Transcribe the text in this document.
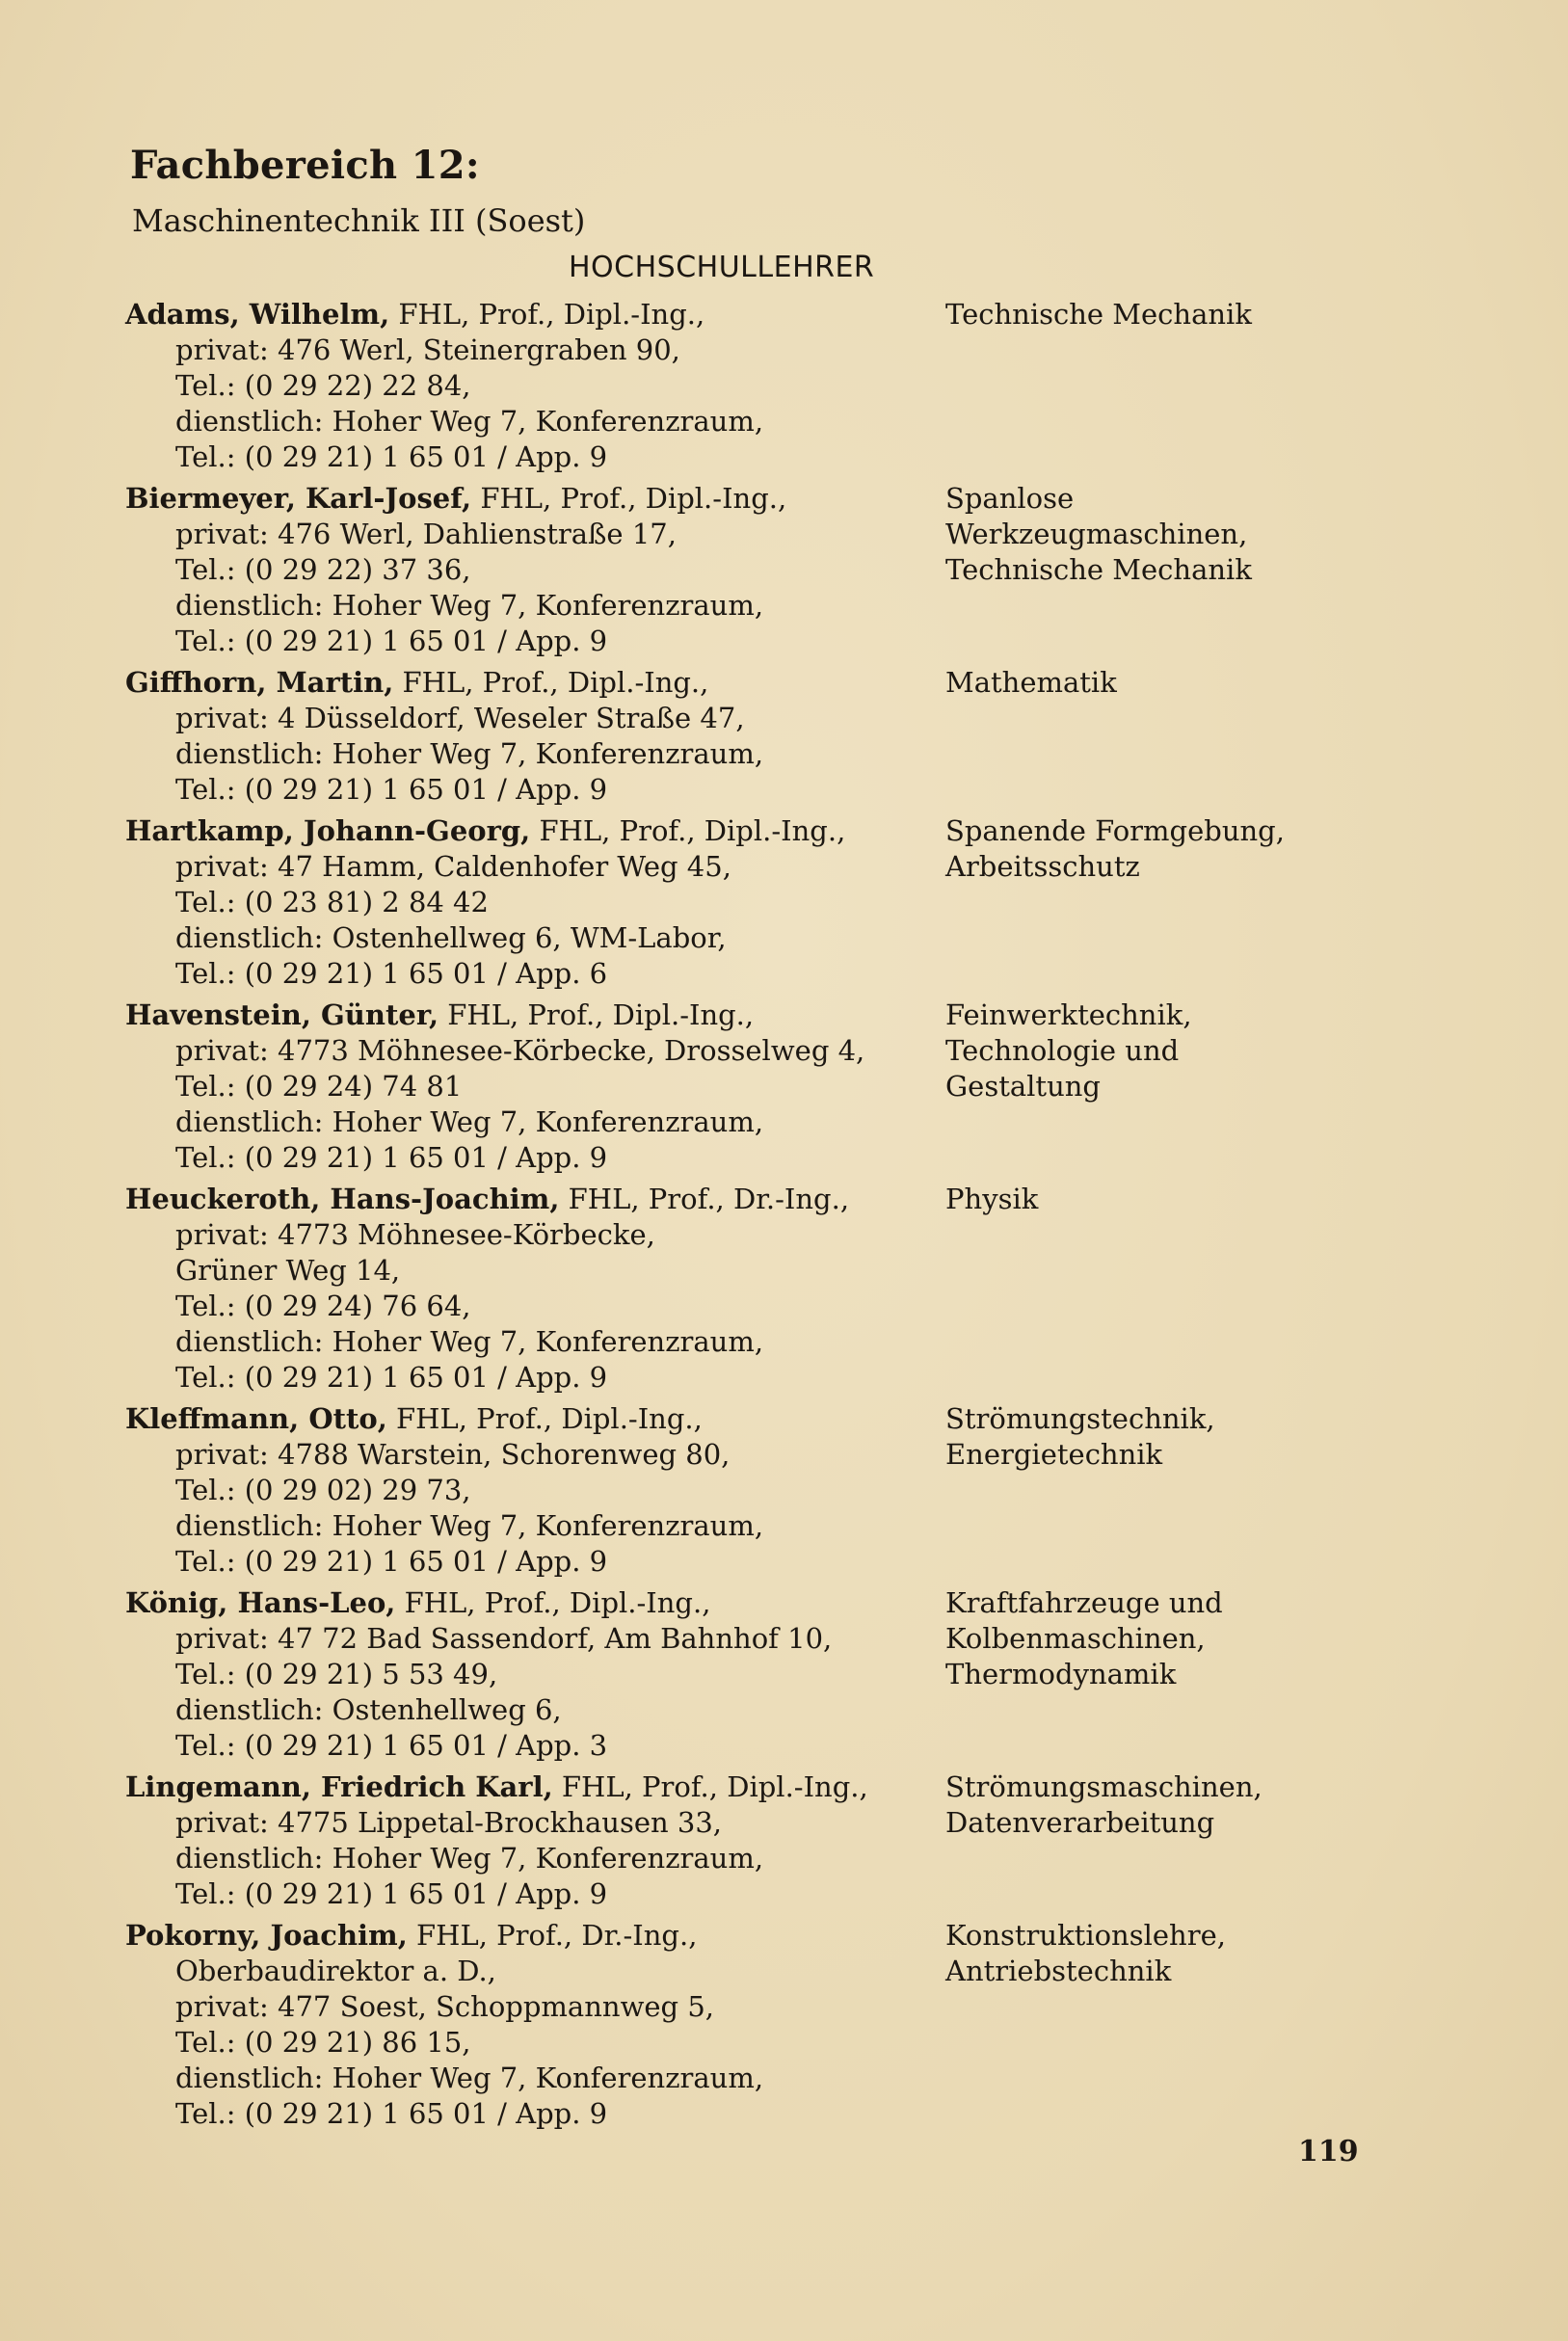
Fachbereich 12:
Maschinentechnik III (Soest)
HOCHSCHULLEHRER
Adams, Wilhelm, FHL, Prof., Dipl.-Ing.,
privat: 476 Werl, Steinergraben 90,
Tel.: (0 29 22) 22 84,
dienstlich: Hoher Weg 7, Konferenzraum,
Tel.: (0 29 21) 1 65 01 / App. 9
Technische Mechanik
Biermeyer, Karl-Josef, FHL, Prof., Dipl.-Ing.,
privat: 476 Werl, Dahlienstraße 17,
Tel.: (0 29 22) 37 36,
dienstlich: Hoher Weg 7, Konferenzraum,
Tel.: (0 29 21) 1 65 01 / App. 9
Spanlose
Werkzeugmaschinen,
Technische Mechanik
Giffhorn, Martin, FHL, Prof., Dipl.-Ing.,
privat: 4 Düsseldorf, Weseler Straße 47,
dienstlich: Hoher Weg 7, Konferenzraum,
Tel.: (0 29 21) 1 65 01 / App. 9
Mathematik
Hartkamp, Johann-Georg, FHL, Prof., Dipl.-Ing.,
privat: 47 Hamm, Caldenhofer Weg 45,
Tel.: (0 23 81) 2 84 42
dienstlich: Ostenhellweg 6, WM-Labor,
Tel.: (0 29 21) 1 65 01 / App. 6
Spanende Formgebung,
Arbeitsschutz
Havenstein, Günter, FHL, Prof., Dipl.-Ing.,
privat: 4773 Möhnesee-Körbecke, Drosselweg 4,
Tel.: (0 29 24) 74 81
dienstlich: Hoher Weg 7, Konferenzraum,
Tel.: (0 29 21) 1 65 01 / App. 9
Feinwerktechnik,
Technologie und
Gestaltung
Heuckeroth, Hans-Joachim, FHL, Prof., Dr.-Ing.,
privat: 4773 Möhnesee-Körbecke,
Grüner Weg 14,
Tel.: (0 29 24) 76 64,
dienstlich: Hoher Weg 7, Konferenzraum,
Tel.: (0 29 21) 1 65 01 / App. 9
Physik
Kleffmann, Otto, FHL, Prof., Dipl.-Ing.,
privat: 4788 Warstein, Schorenweg 80,
Tel.: (0 29 02) 29 73,
dienstlich: Hoher Weg 7, Konferenzraum,
Tel.: (0 29 21) 1 65 01 / App. 9
Strömungstechnik,
Energietechnik
König, Hans-Leo, FHL, Prof., Dipl.-Ing.,
privat: 47 72 Bad Sassendorf, Am Bahnhof 10,
Tel.: (0 29 21) 5 53 49,
dienstlich: Ostenhellweg 6,
Tel.: (0 29 21) 1 65 01 / App. 3
Kraftfahrzeuge und
Kolbenmaschinen,
Thermodynamik
Lingemann, Friedrich Karl, FHL, Prof., Dipl.-Ing.,
privat: 4775 Lippetal-Brockhausen 33,
dienstlich: Hoher Weg 7, Konferenzraum,
Tel.: (0 29 21) 1 65 01 / App. 9
Strömungsmaschinen,
Datenverarbeitung
Pokorny, Joachim, FHL, Prof., Dr.-Ing.,
Oberbaudirektor a. D.,
privat: 477 Soest, Schoppmannweg 5,
Tel.: (0 29 21) 86 15,
dienstlich: Hoher Weg 7, Konferenzraum,
Tel.: (0 29 21) 1 65 01 / App. 9
Konstruktionslehre,
Antriebstechnik
119
